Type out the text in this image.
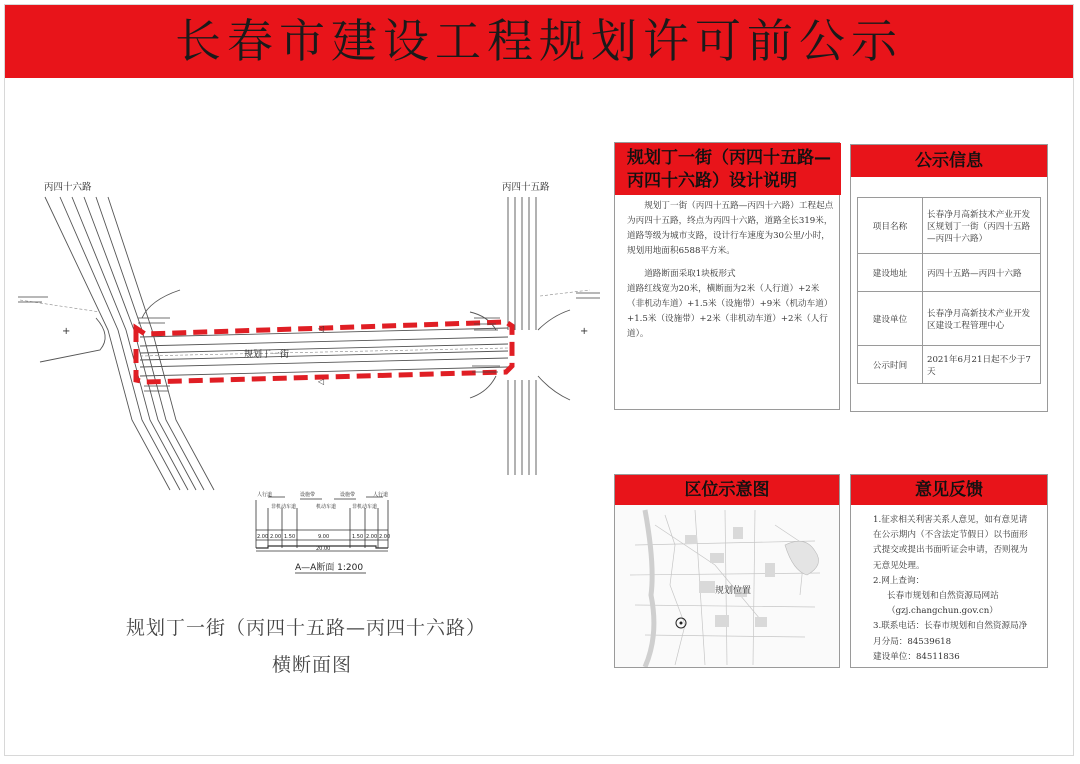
长春市建设工程规划许可前公示
+	+
◁
◁
丙四十六路	丙四十五路
规划丁一街
人行道
非机动车道
设施带
机动车道
设施带
非机动车道
人行道
2.00 2.00 1.50	9.00	1.50 2.00 2.00
20.00
A—A断面 1:200
规划丁一街（丙四十五路—丙四十六路）
横断面图
规划丁一街（丙四十五路—
丙四十六路）设计说明

规划丁一街（丙四十五路—丙四十六路）工程起点为丙四十五路，终点为丙四十六路，道路全长319米，道路等级为城市支路，设计行车速度为30公里/小时，规划用地面积6588平方米。

道路断面采取1块板形式

道路红线宽为20米，横断面为2米（人行道）+2米（非机动车道）+1.5米（设施带）+9米（机动车道）+1.5米（设施带）+2米（非机动车道）+2米（人行道）。

公示信息
项目名称	长春净月高新技术产业开发区规划丁一街（丙四十五路—丙四十六路）
建设地址	丙四十五路—丙四十六路
建设单位	长春净月高新技术产业开发区建设工程管理中心
公示时间	2021年6月21日起不少于7天
区位示意图
规划位置
意见反馈
1.征求相关利害关系人意见，如有意见请在公示期内（不含法定节假日）以书面形式提交或提出书面听证会申请，否则视为无意见处理。
2.网上查询：
长春市规划和自然资源局网站
（gzj.changchun.gov.cn）
3.联系电话：长春市规划和自然资源局净月分局：84539618
建设单位：84511836
